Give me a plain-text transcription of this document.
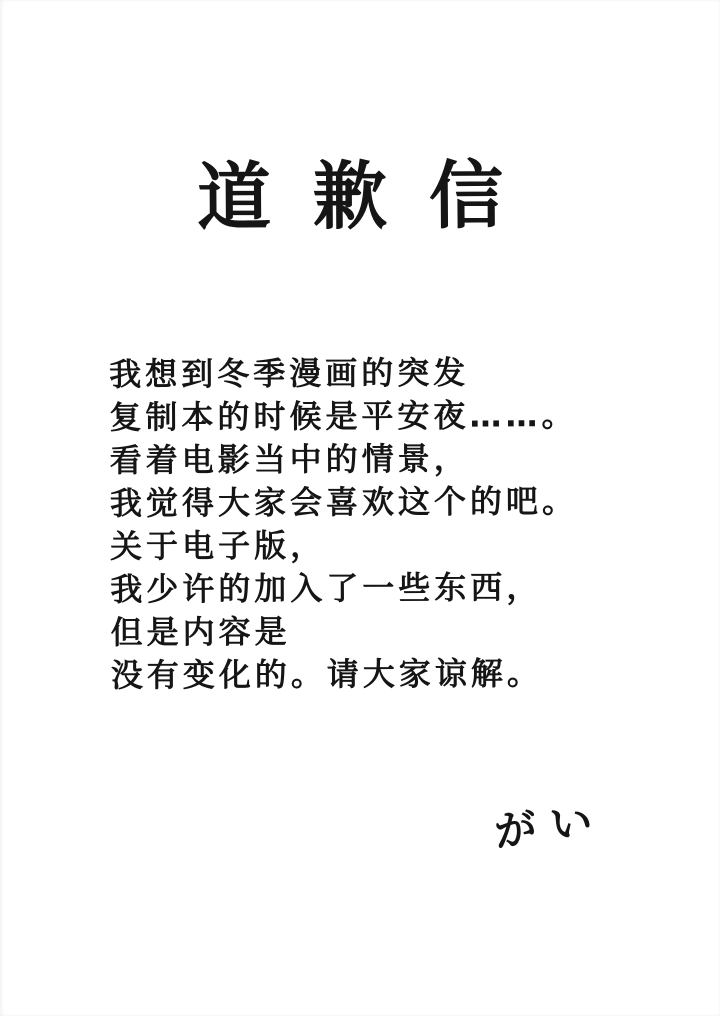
道歉信
我想到冬季漫画的突发
复制本的时候是平安夜……。
看着电影当中的情景，
我觉得大家会喜欢这个的吧。
关于电子版，
我少许的加入了一些东西，
但是内容是
没有变化的。请大家谅解。
がい
